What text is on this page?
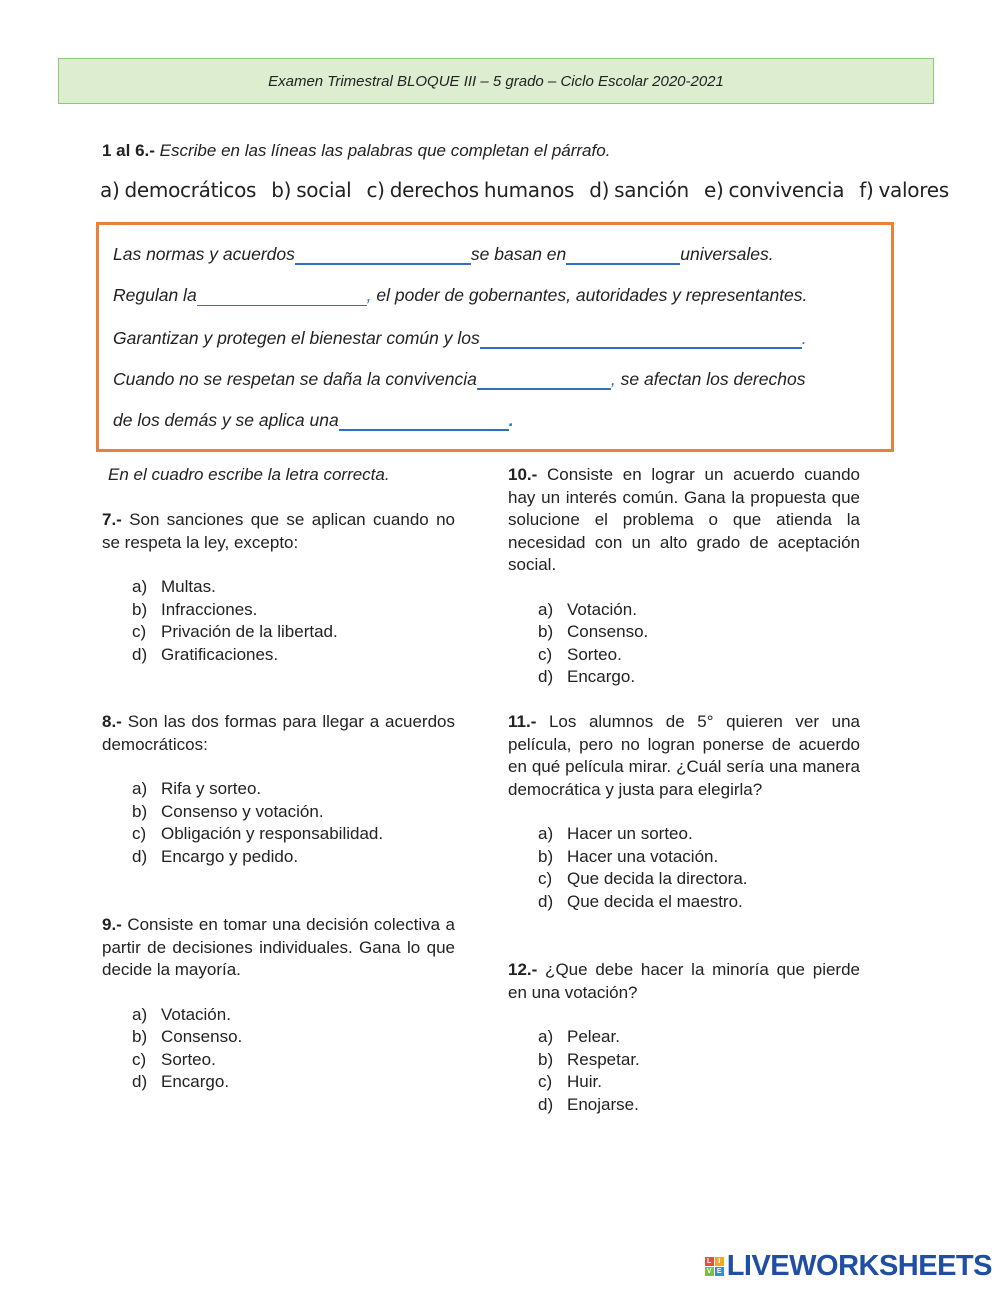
Examen Trimestral BLOQUE III – 5 grado – Ciclo Escolar 2020-2021
1 al 6.- Escribe en las líneas las palabras que completan el párrafo.
a) democráticos b) social c) derechos humanos d) sanción e) convivencia f) valores
Las normas y acuerdos	se basan en	universales.
Regulan la	, el poder de gobernantes, autoridades y representantes.
Garantizan y protegen el bienestar común y los	.
Cuando no se respetan se daña la convivencia	, se afectan los derechos
de los demás y se aplica una	.
En el cuadro escribe la letra correcta.
7.- Son sanciones que se aplican cuando no se respeta la ley, excepto:
a) Multas.
b) Infracciones.
c) Privación de la libertad.
d) Gratificaciones.
8.- Son las dos formas para llegar a acuerdos democráticos:
a) Rifa y sorteo.
b) Consenso y votación.
c) Obligación y responsabilidad.
d) Encargo y pedido.
9.- Consiste en tomar una decisión colectiva a partir de decisiones individuales. Gana lo que decide la mayoría.
a) Votación.
b) Consenso.
c) Sorteo.
d) Encargo.
10.- Consiste en lograr un acuerdo cuando hay un interés común. Gana la propuesta que solucione el problema o que atienda la necesidad con un alto grado de aceptación social.
a) Votación.
b) Consenso.
c) Sorteo.
d) Encargo.
11.- Los alumnos de 5° quieren ver una película, pero no logran ponerse de acuerdo en qué película mirar. ¿Cuál sería una manera democrática y justa para elegirla?
a) Hacer un sorteo.
b) Hacer una votación.
c) Que decida la directora.
d) Que decida el maestro.
12.- ¿Que debe hacer la minoría que pierde en una votación?
a) Pelear.
b) Respetar.
c) Huir.
d) Enojarse.
L I
V E LIVEWORKSHEETS
